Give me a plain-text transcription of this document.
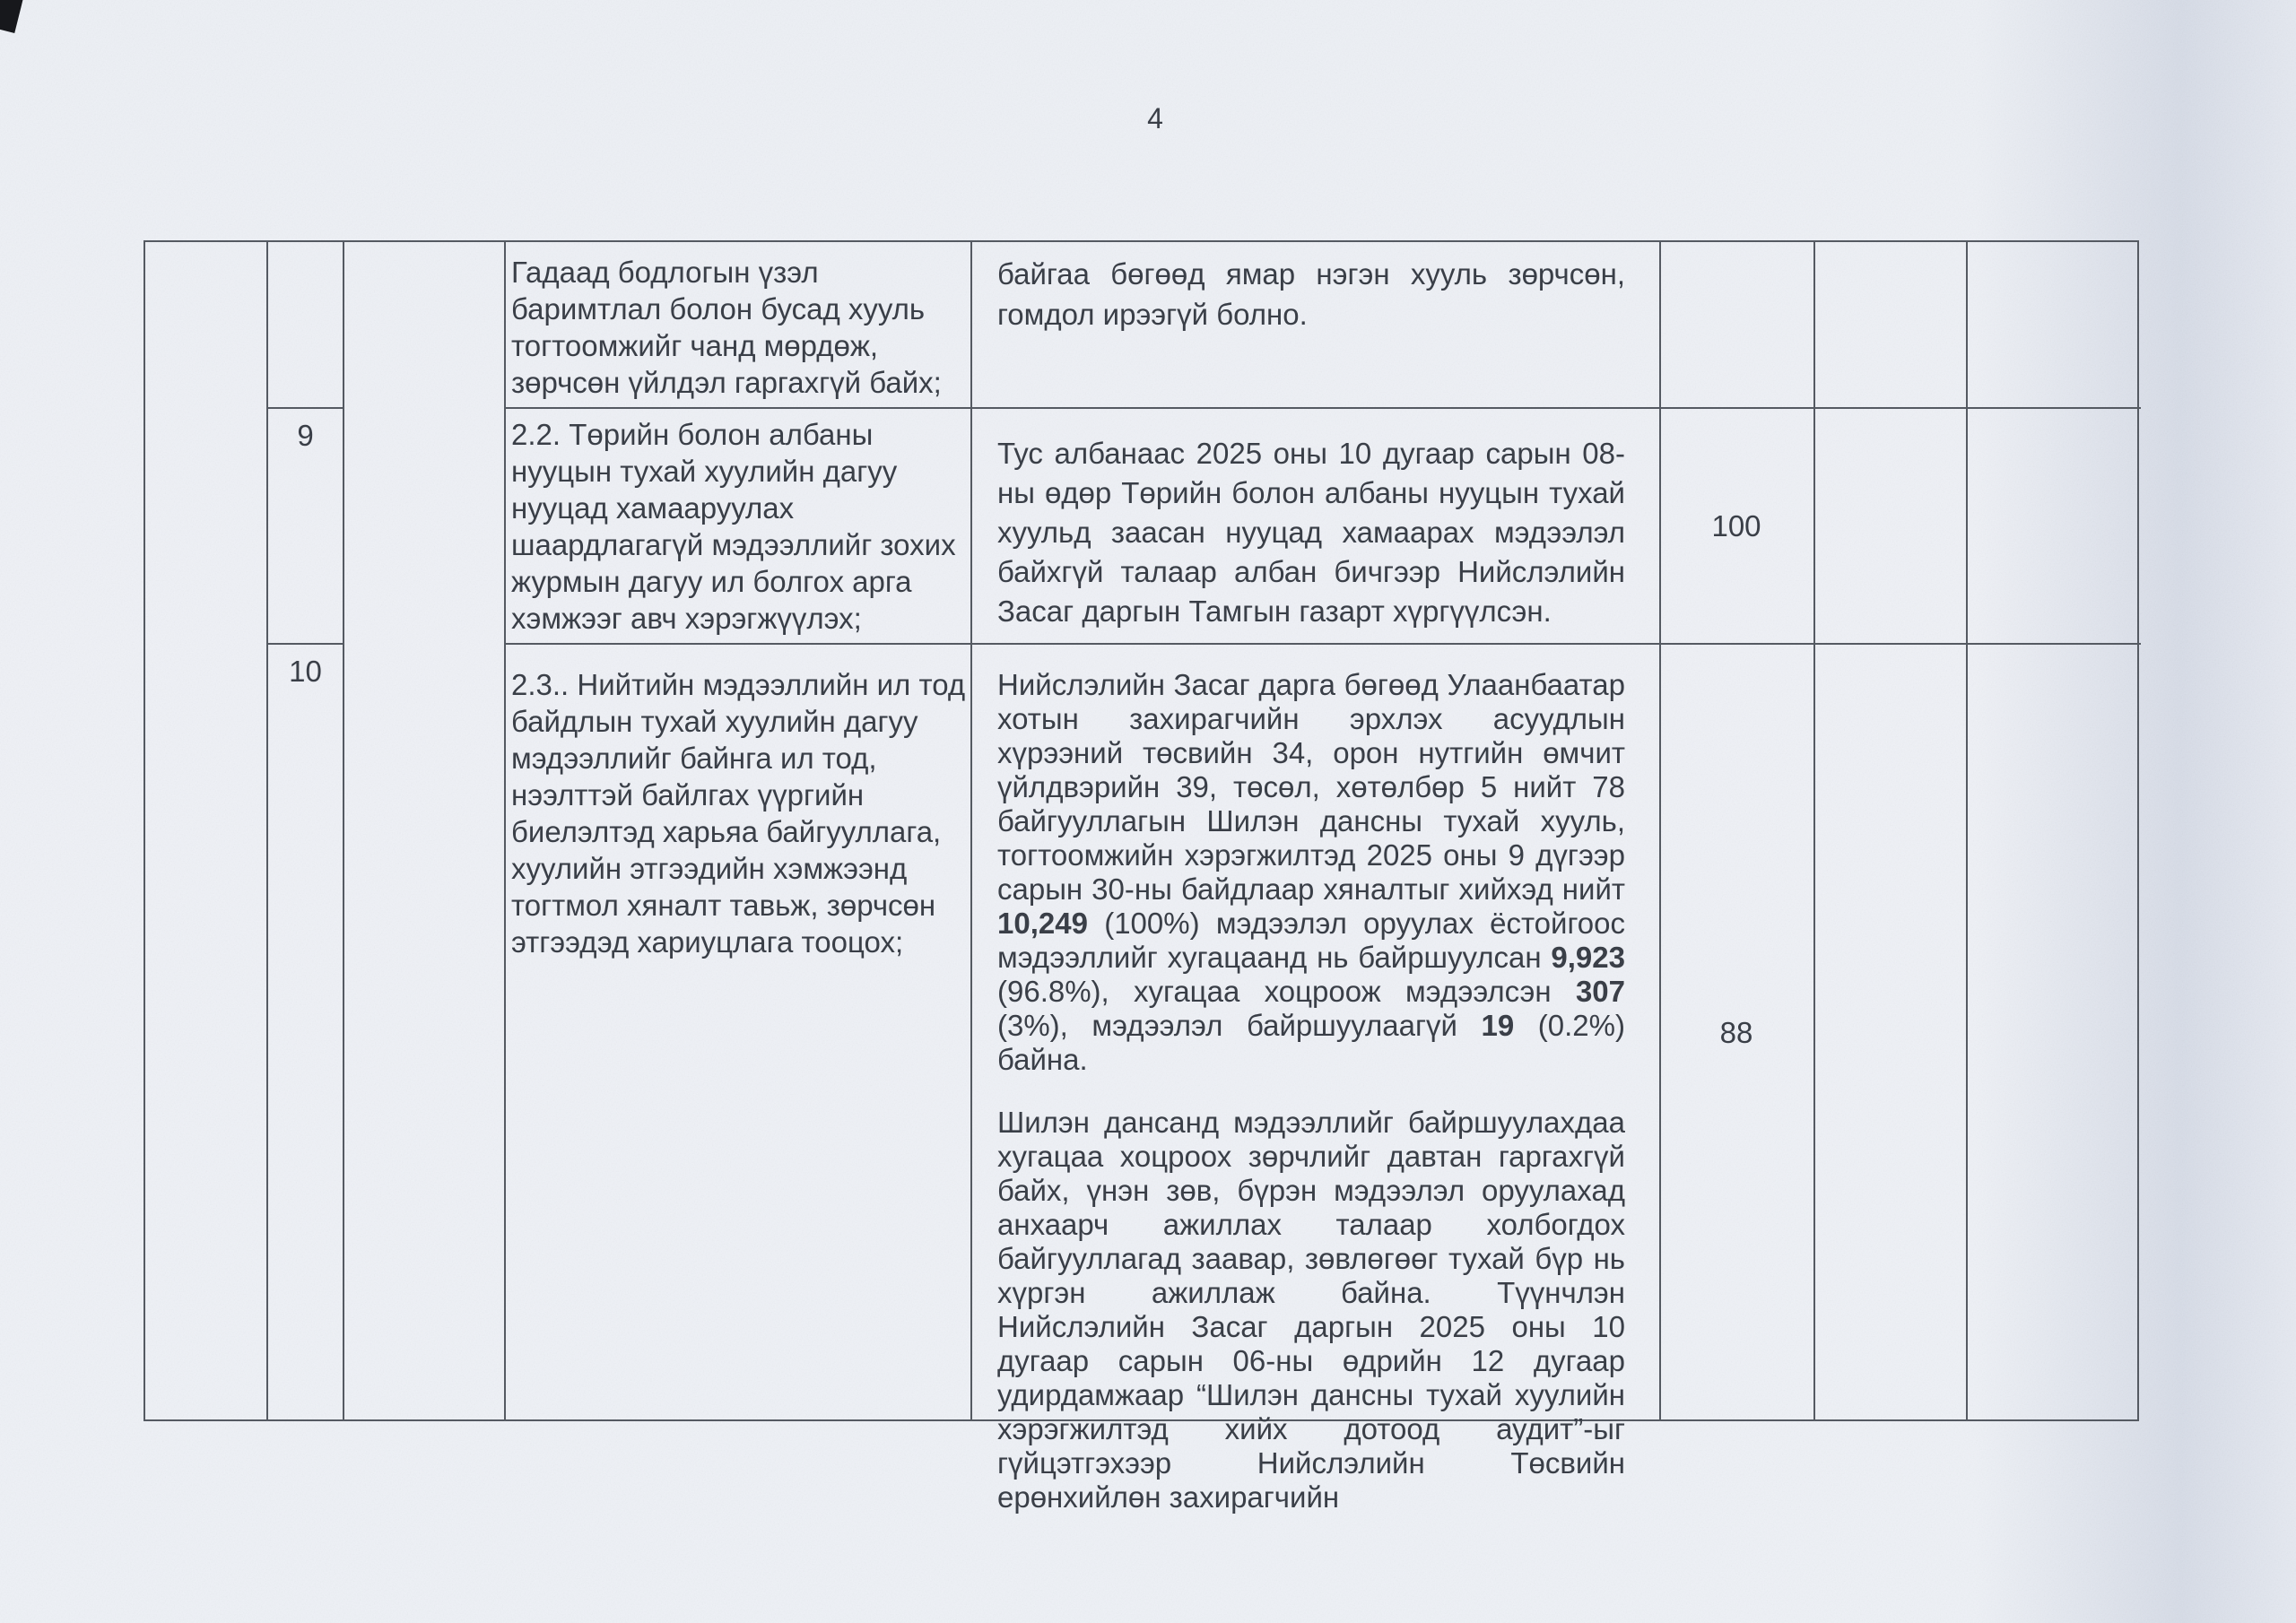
4
Гадаад бодлогын үзэл баримтлал болон бусад хууль тогтоомжийг чанд мөрдөж, зөрчсөн үйлдэл гаргахгүй байх;
байгаа бөгөөд ямар нэгэн хууль зөрчсөн, гомдол ирээгүй болно.
9	2.2. Төрийн болон албаны нууцын тухай хуулийн дагуу нууцад хамааруулах шаардлагагүй мэдээллийг зохих журмын дагуу ил болгох арга хэмжээг авч хэрэгжүүлэх;
Тус албанаас 2025 оны 10 дугаар сарын 08-ны өдөр Төрийн болон албаны нууцын тухай хуульд заасан нууцад хамаарах мэдээлэл байхгүй талаар албан бичгээр Нийслэлийн Засаг даргын Тамгын газарт хүргүүлсэн.
100
10	2.3.. Нийтийн мэдээллийн ил тод байдлын тухай хуулийн дагуу мэдээллийг байнга ил тод, нээлттэй байлгах үүргийн биелэлтэд харьяа байгууллага, хуулийн этгээдийн хэмжээнд тогтмол хяналт тавьж, зөрчсөн этгээдэд хариуцлага тооцох;
Нийслэлийн Засаг дарга бөгөөд Улаанбаатар хотын захирагчийн эрхлэх асуудлын хүрээний төсвийн 34, орон нутгийн өмчит үйлдвэрийн 39, төсөл, хөтөлбөр 5 нийт 78 байгууллагын Шилэн дансны тухай хууль, тогтоомжийн хэрэгжилтэд 2025 оны 9 дүгээр сарын 30-ны байдлаар хяналтыг хийхэд нийт 10,249 (100%) мэдээлэл оруулах ёстойгоос мэдээллийг хугацаанд нь байршуулсан 9,923 (96.8%), хугацаа хоцроож мэдээлсэн 307 (3%), мэдээлэл байршуулаагүй 19 (0.2%) байна.
Шилэн дансанд мэдээллийг байршуулахдаа хугацаа хоцроох зөрчлийг давтан гаргахгүй байх, үнэн зөв, бүрэн мэдээлэл оруулахад анхаарч ажиллах талаар холбогдох байгууллагад заавар, зөвлөгөөг тухай бүр нь хүргэн ажиллаж байна. Түүнчлэн Нийслэлийн Засаг даргын 2025 оны 10 дугаар сарын 06-ны өдрийн 12 дугаар удирдамжаар “Шилэн дансны тухай хуулийн хэрэгжилтэд хийх дотоод аудит”-ыг гүйцэтгэхээр Нийслэлийн Төсвийн ерөнхийлөн захирагчийн
88
